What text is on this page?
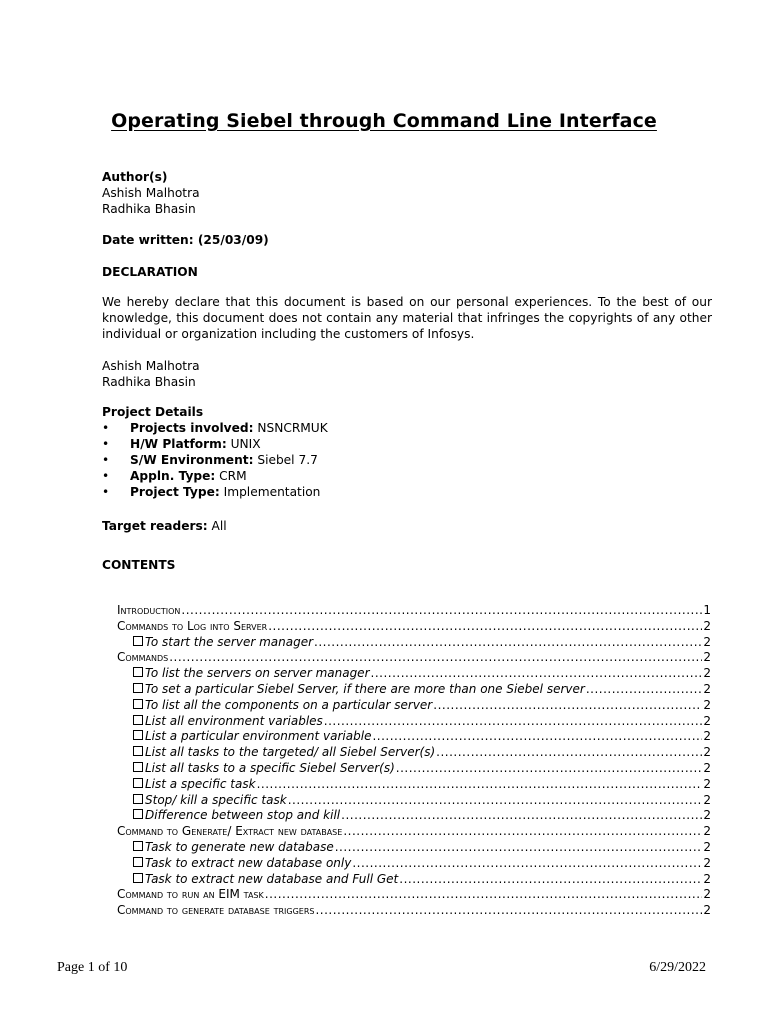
Operating Siebel through Command Line Interface
Author(s)
Ashish Malhotra
Radhika Bhasin
Date written: (25/03/09)
DECLARATION
We hereby declare that this document is based on our personal experiences. To the best of our knowledge, this document does not contain any material that infringes the copyrights of any other individual or organization including the customers of Infosys.
Ashish Malhotra
Radhika Bhasin
Project Details
• Projects involved: NSNCRMUK
• H/W Platform: UNIX
• S/W Environment: Siebel 7.7
• Appln. Type: CRM
• Project Type: Implementation
Target readers: All
CONTENTS
Introduction .....	1
Commands to Log into Server .....	2
To start the server manager .....	2
Commands .....	2
To list the servers on server manager .....	2
To set a particular Siebel Server, if there are more than one Siebel server .....	2
To list all the components on a particular server .....	2
List all environment variables .....	2
List a particular environment variable .....	2
List all tasks to the targeted/ all Siebel Server(s) .....	2
List all tasks to a specific Siebel Server(s) .....	2
List a specific task .....	2
Stop/ kill a specific task .....	2
Difference between stop and kill .....	2
Command to Generate/ Extract new database .....	2
Task to generate new database .....	2
Task to extract new database only .....	2
Task to extract new database and Full Get .....	2
Command to run an EIM task .....	2
Command to generate database triggers .....	2
Page 1 of 10	6/29/2022
